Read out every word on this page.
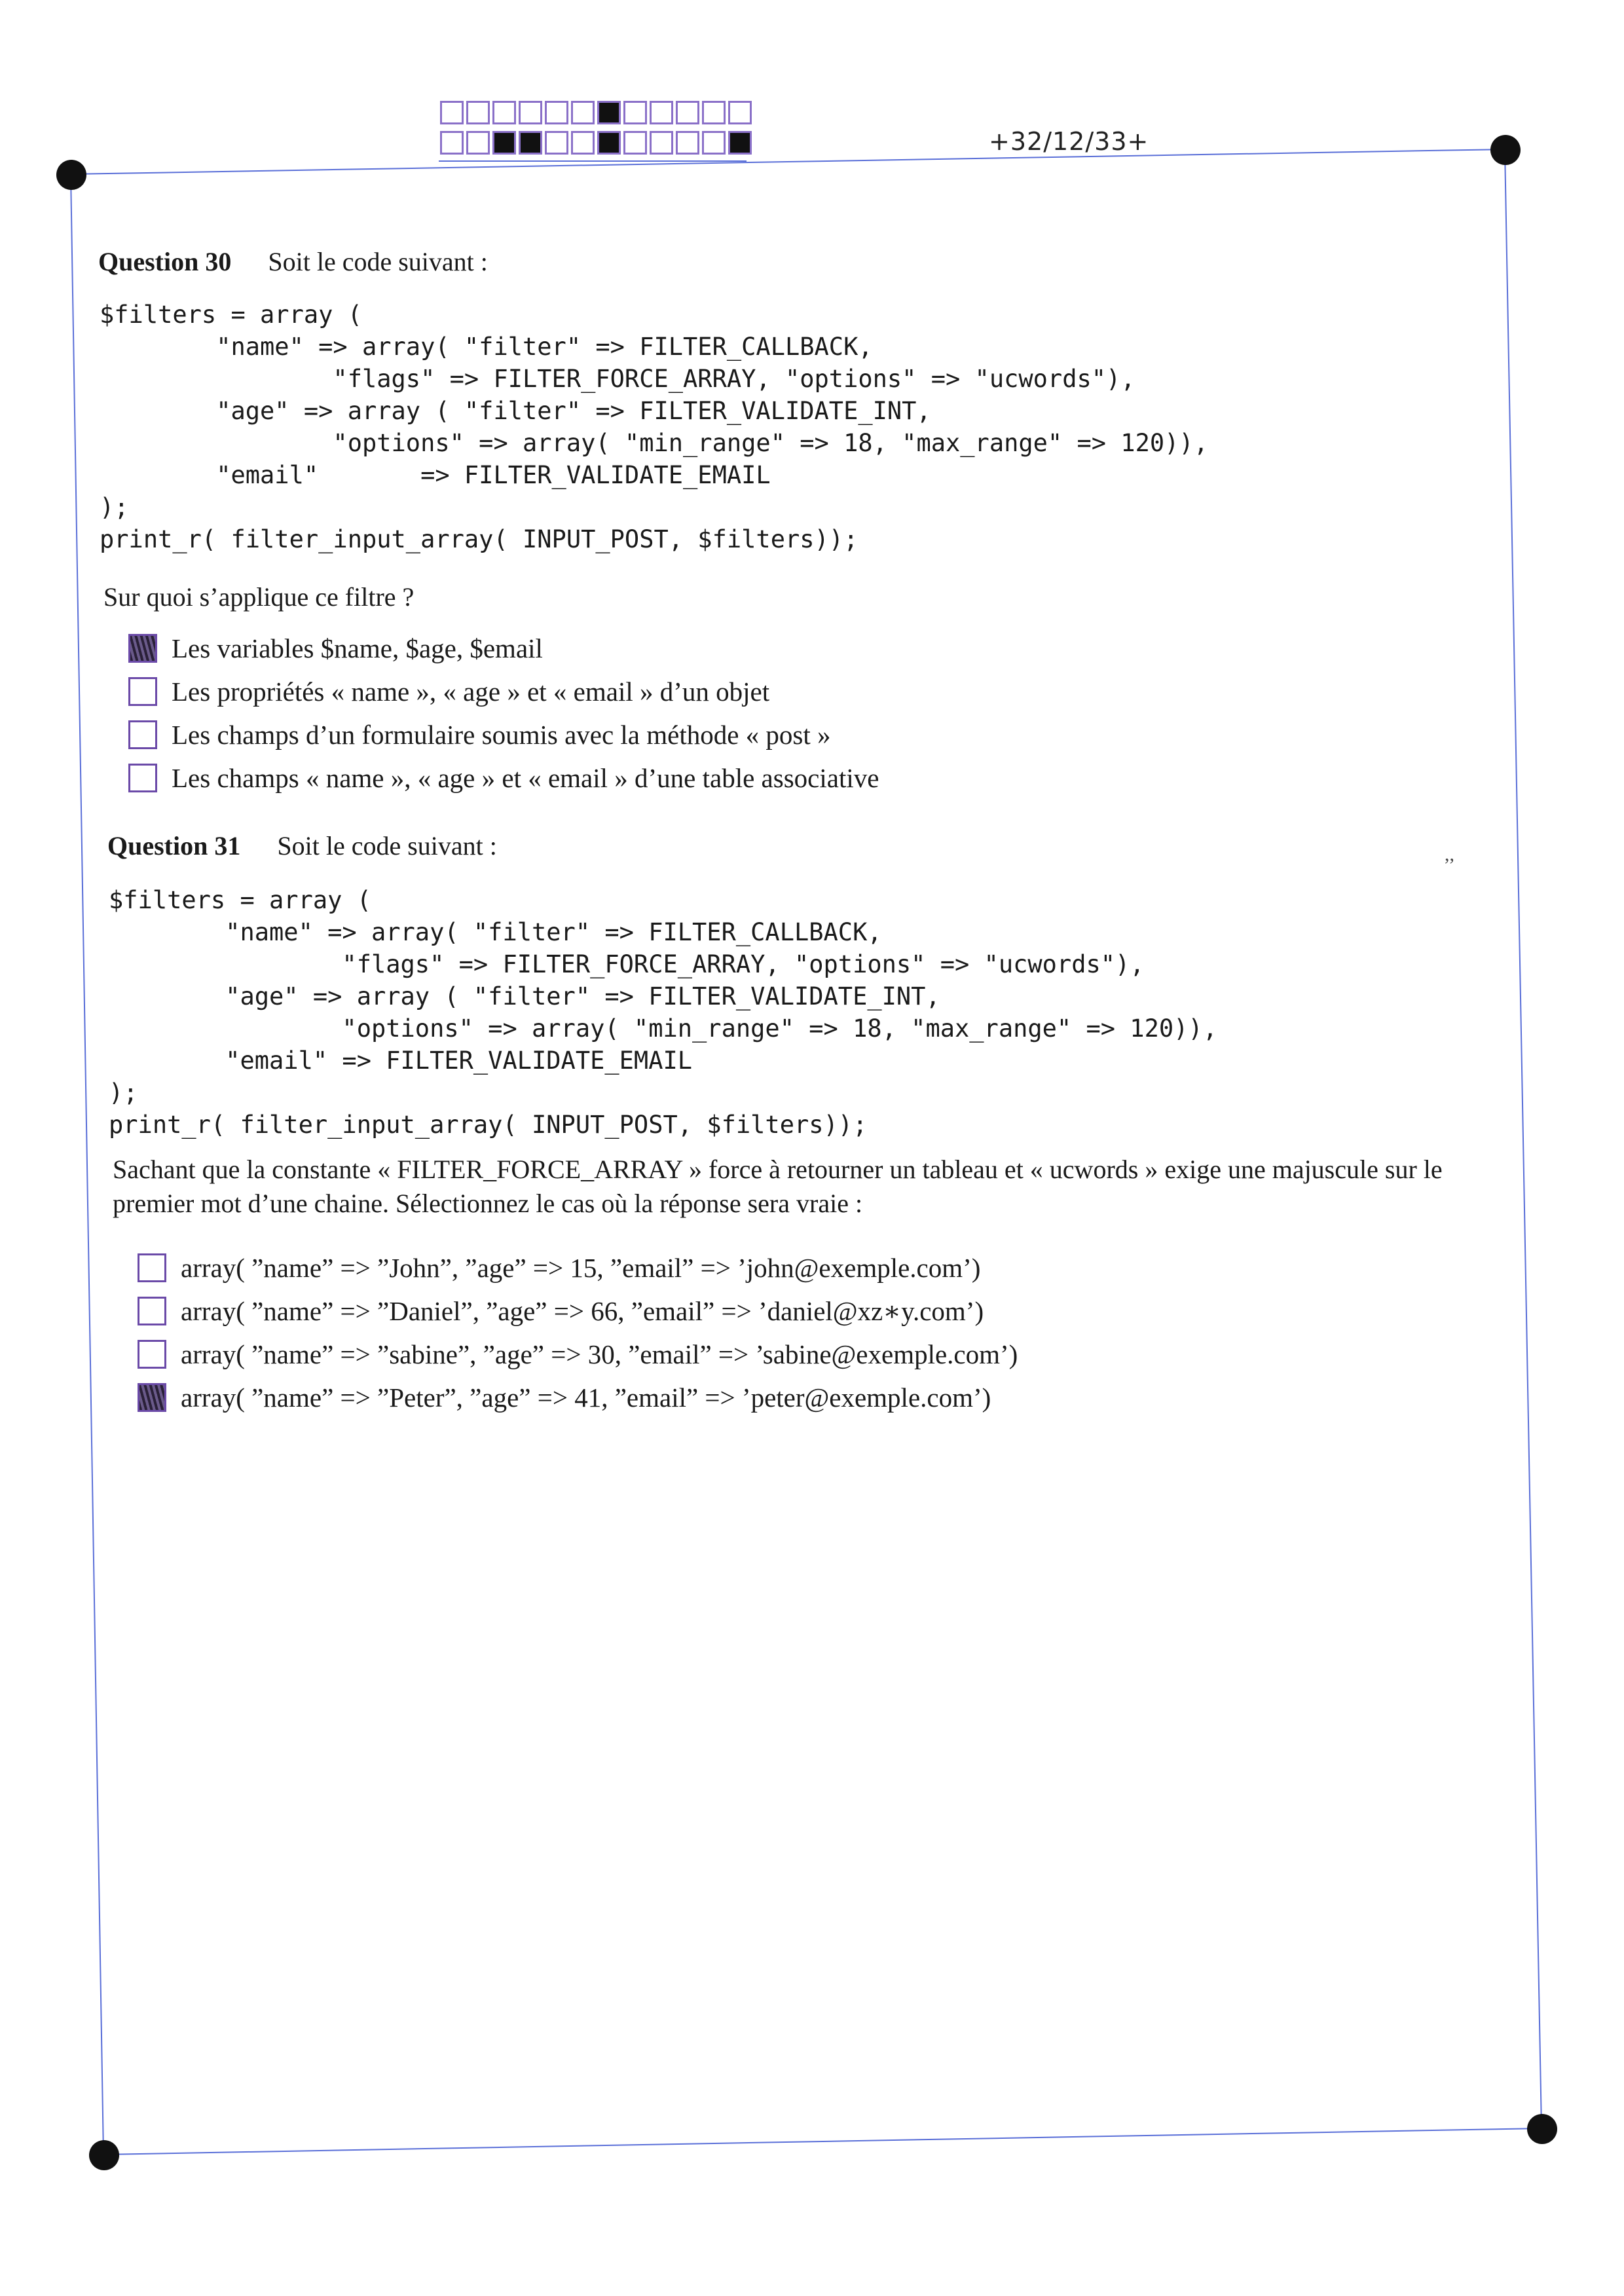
+32/12/33+
Question 30 Soit le code suivant :
$filters = array (
"name" => array( "filter" => FILTER_CALLBACK,
"flags" => FILTER_FORCE_ARRAY, "options" => "ucwords"),
"age" => array ( "filter" => FILTER_VALIDATE_INT,
"options" => array( "min_range" => 18, "max_range" => 120)),
"email"       => FILTER_VALIDATE_EMAIL
);
print_r( filter_input_array( INPUT_POST, $filters));
Sur quoi s’applique ce filtre ?
Les variables $name, $age, $email
Les propriétés « name », « age » et « email » d’un objet
Les champs d’un formulaire soumis avec la méthode « post »
Les champs « name », « age » et « email » d’une table associative
Question 31 Soit le code suivant :	,,
$filters = array (
"name" => array( "filter" => FILTER_CALLBACK,
"flags" => FILTER_FORCE_ARRAY, "options" => "ucwords"),
"age" => array ( "filter" => FILTER_VALIDATE_INT,
"options" => array( "min_range" => 18, "max_range" => 120)),
"email" => FILTER_VALIDATE_EMAIL
);
print_r( filter_input_array( INPUT_POST, $filters));
Sachant que la constante « FILTER_FORCE_ARRAY » force à retourner un tableau et « ucwords » exige une majuscule sur le
premier mot d’une chaine. Sélectionnez le cas où la réponse sera vraie :
array( ”name” => ”John”, ”age” => 15, ”email” => ’john@exemple.com’)
array( ”name” => ”Daniel”, ”age” => 66, ”email” => ’daniel@xz∗y.com’)
array( ”name” => ”sabine”, ”age” => 30, ”email” => ’sabine@exemple.com’)
array( ”name” => ”Peter”, ”age” => 41, ”email” => ’peter@exemple.com’)
